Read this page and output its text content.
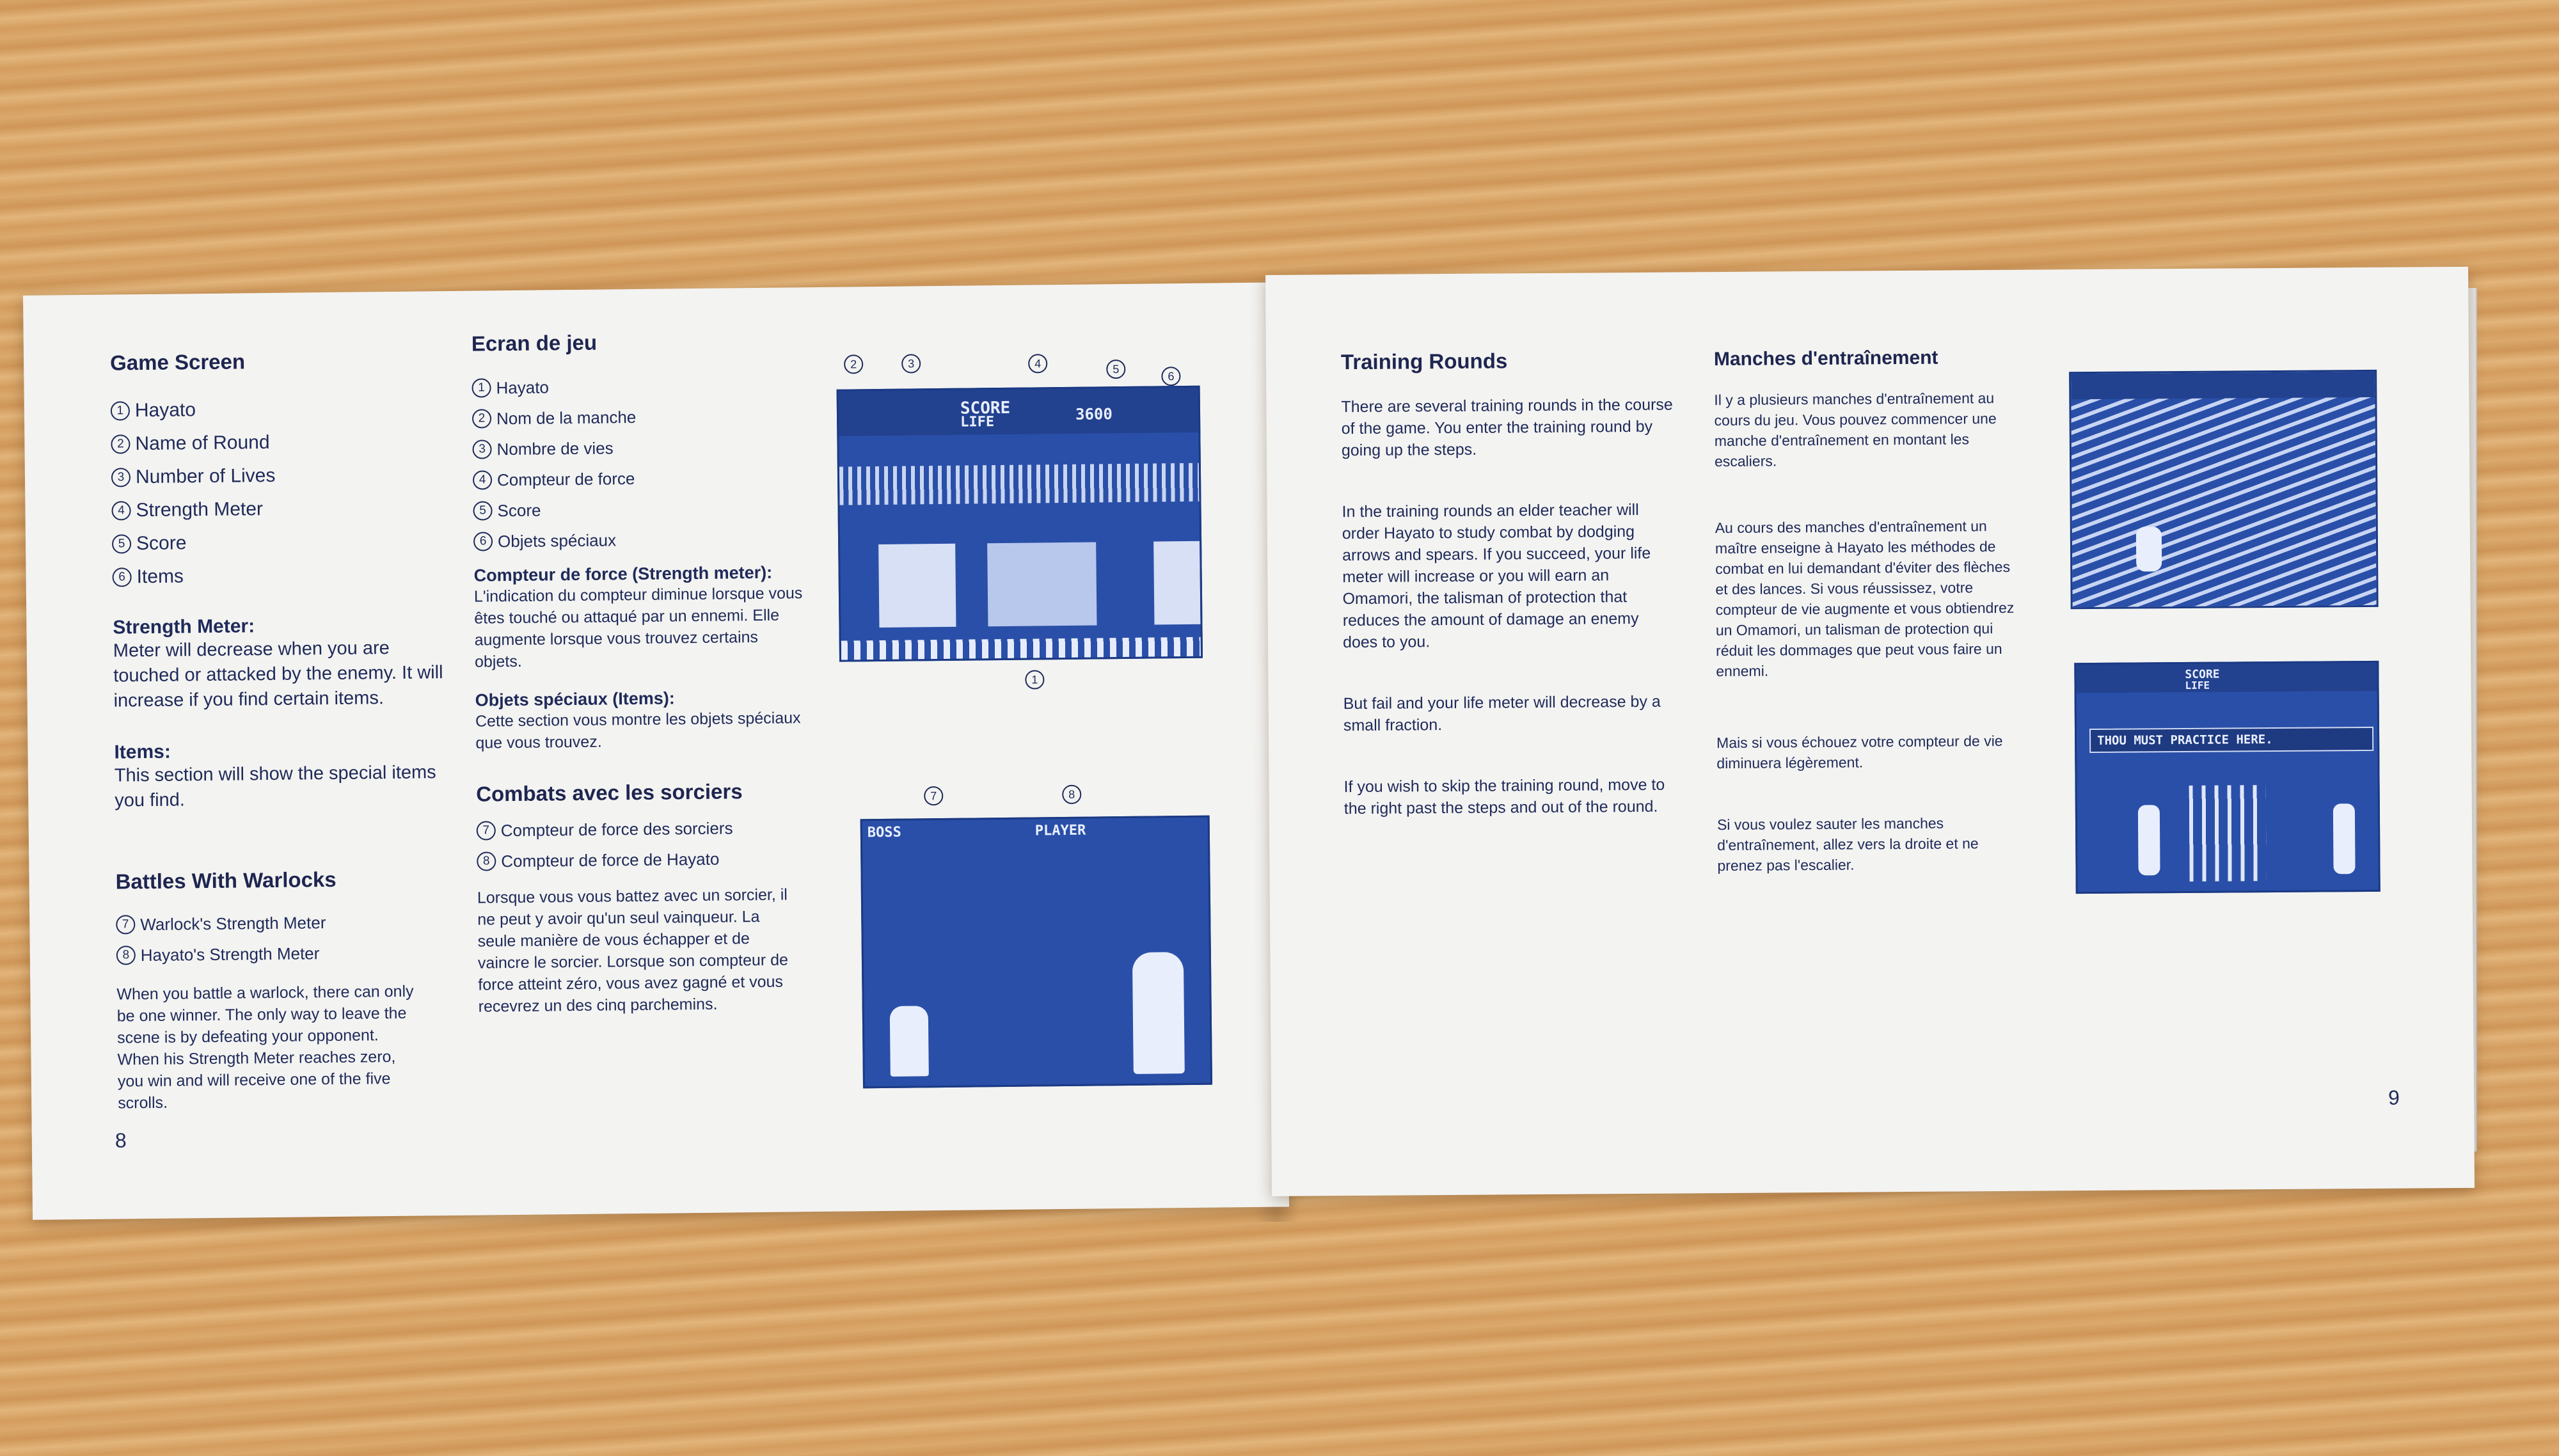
Game Screen
1 Hayato
2 Name of Round
3 Number of Lives
4 Strength Meter
5 Score
6 Items
Strength Meter:

Meter will decrease when you are touched or attacked by the enemy. It will increase if you find certain items.

Items:

This section will show the special items you find.

Battles With Warlocks
7 Warlock's Strength Meter
8 Hayato's Strength Meter

When you battle a warlock, there can only be one winner. The only way to leave the scene is by defeating your opponent. When his Strength Meter reaches zero, you win and will receive one of the five scrolls.

Ecran de jeu
1 Hayato
2 Nom de la manche
3 Nombre de vies
4 Compteur de force
5 Score
6 Objets spéciaux
Compteur de force (Strength meter):

L'indication du compteur diminue lorsque vous êtes touché ou attaqué par un ennemi. Elle augmente lorsque vous trouvez certains objets.

Objets spéciaux (Items):

Cette section vous montre les objets spéciaux que vous trouvez.

Combats avec les sorciers
7 Compteur de force des sorciers
8 Compteur de force de Hayato

Lorsque vous vous battez avec un sorcier, il ne peut y avoir qu'un seul vainqueur. La seule manière de vous échapper et de vaincre le sorcier. Lorsque son compteur de force atteint zéro, vous avez gagné et vous recevrez un des cinq parchemins.

2	3	4	5
6
SCORE
LIFE	3600
1
7	8
BOSS	PLAYER
8
Training Rounds

There are several training rounds in the course of the game. You enter the training round by going up the steps.

In the training rounds an elder teacher will order Hayato to study combat by dodging arrows and spears. If you succeed, your life meter will increase or you will earn an Omamori, the talisman of protection that reduces the amount of damage an enemy does to you.

But fail and your life meter will decrease by a small fraction.

If you wish to skip the training round, move to the right past the steps and out of the round.

Manches d'entraînement

Il y a plusieurs manches d'entraînement au cours du jeu. Vous pouvez commencer une manche d'entraînement en montant les escaliers.

Au cours des manches d'entraînement un maître enseigne à Hayato les méthodes de combat en lui demandant d'éviter des flèches et des lances. Si vous réussissez, votre compteur de vie augmente et vous obtiendrez un Omamori, un talisman de protection qui réduit les dommages que peut vous faire un ennemi.

Mais si vous échouez votre compteur de vie diminuera légèrement.

Si vous voulez sauter les manches d'entraînement, allez vers la droite et ne prenez pas l'escalier.

SCORE
LIFE
THOU MUST PRACTICE HERE.
9
